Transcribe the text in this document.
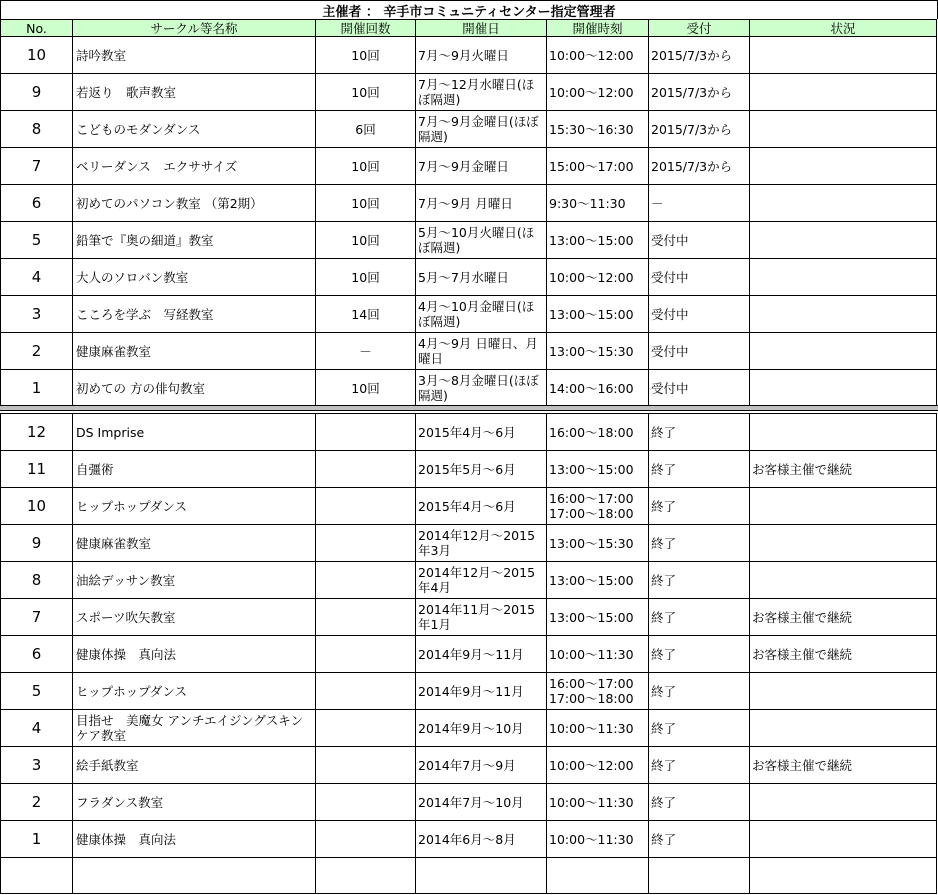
主催者 ： 辛手市コミュニティセンター指定管理者
No.	サークル等名称	開催回数	開催日	開催時刻	受付	状況
10	詩吟教室	10回	7月～9月火曜日	10:00～12:00	2015/7/3から	
9	若返り　歌声教室	10回	7月～12月水曜日(ほぼ隔週)	10:00～12:00	2015/7/3から	
8	こどものモダンダンス	6回	7月～9月金曜日(ほぼ隔週)	15:30～16:30	2015/7/3から	
7	ベリーダンス　エクササイズ	10回	7月～9月金曜日	15:00～17:00	2015/7/3から	
6	初めてのパソコン教室 （第2期）	10回	7月～9月 月曜日	9:30～11:30	－	
5	鉛筆で『奥の細道』教室	10回	5月～10月火曜日(ほぼ隔週)	13:00～15:00	受付中	
4	大人のソロバン教室	10回	5月～7月水曜日	10:00～12:00	受付中	
3	こころを学ぶ　写経教室	14回	4月～10月金曜日(ほぼ隔週)	13:00～15:00	受付中	
2	健康麻雀教室	－	4月～9月 日曜日、月曜日	13:00～15:30	受付中	
1	初めての 方の俳句教室	10回	3月～8月金曜日(ほぼ隔週)	14:00～16:00	受付中	
12	DS Imprise		2015年4月～6月	16:00～18:00	終了	
11	自彊術		2015年5月～6月	13:00～15:00	終了	お客様主催で継続
10	ヒップホップダンス		2015年4月～6月	16:00～17:00 17:00～18:00	終了	
9	健康麻雀教室		2014年12月～2015年3月	13:00～15:30	終了	
8	油絵デッサン教室		2014年12月～2015年4月	13:00～15:00	終了	
7	スポーツ吹矢教室		2014年11月～2015年1月	13:00～15:00	終了	お客様主催で継続
6	健康体操　真向法		2014年9月～11月	10:00～11:30	終了	お客様主催で継続
5	ヒップホップダンス		2014年9月～11月	16:00～17:00 17:00～18:00	終了	
4	目指せ　美魔女 アンチエイジングスキンケア教室		2014年9月～10月	10:00～11:30	終了	
3	絵手紙教室		2014年7月～9月	10:00～12:00	終了	お客様主催で継続
2	フラダンス教室		2014年7月～10月	10:00～11:30	終了	
1	健康体操　真向法		2014年6月～8月	10:00～11:30	終了	
